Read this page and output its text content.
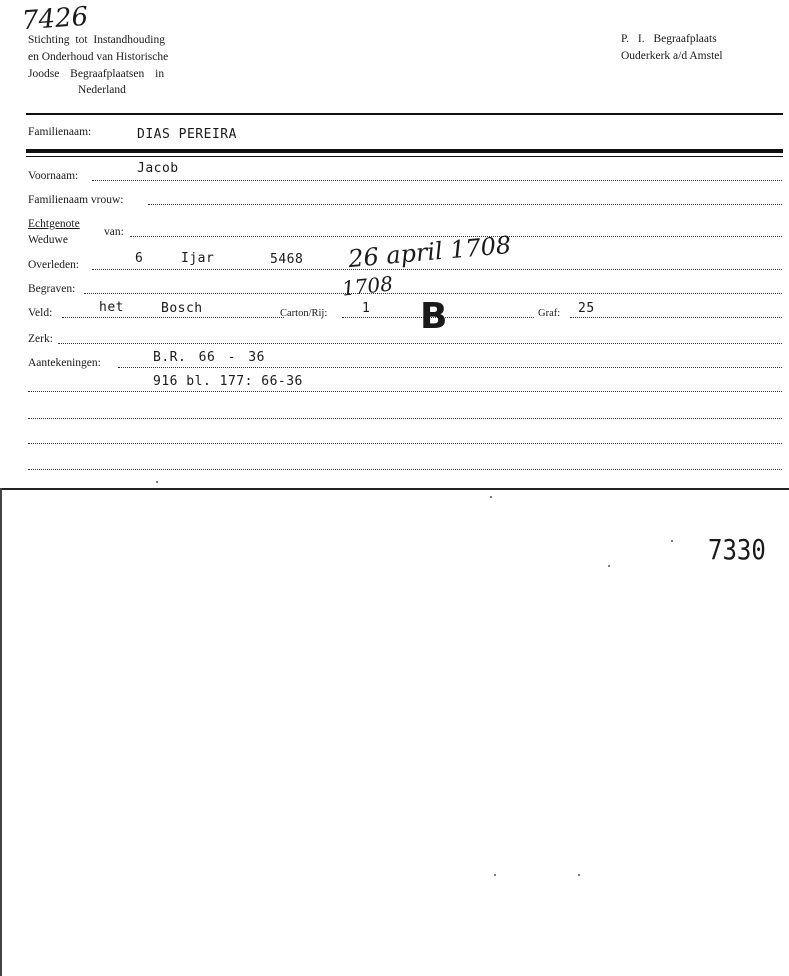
7426
Stichting tot Instandhouding
en Onderhoud van Historische
Joodse Begraafplaatsen in
Nederland
P. I. Begraafplaats
Ouderkerk a/d Amstel
Familienaam:	DIAS PEREIRA
Voornaam:	Jacob
Familienaam vrouw:
Echtgenote
Weduwe
van:
Overleden:	6	Ijar	5468 26 april 1708
Begraven:	1708
Veld:	het	Bosch	Carton/Rij:	1 B	Graf: 25
Zerk:
Aantekeningen:	B.R. 66 - 36
916 bl. 177: 66-36
7330
